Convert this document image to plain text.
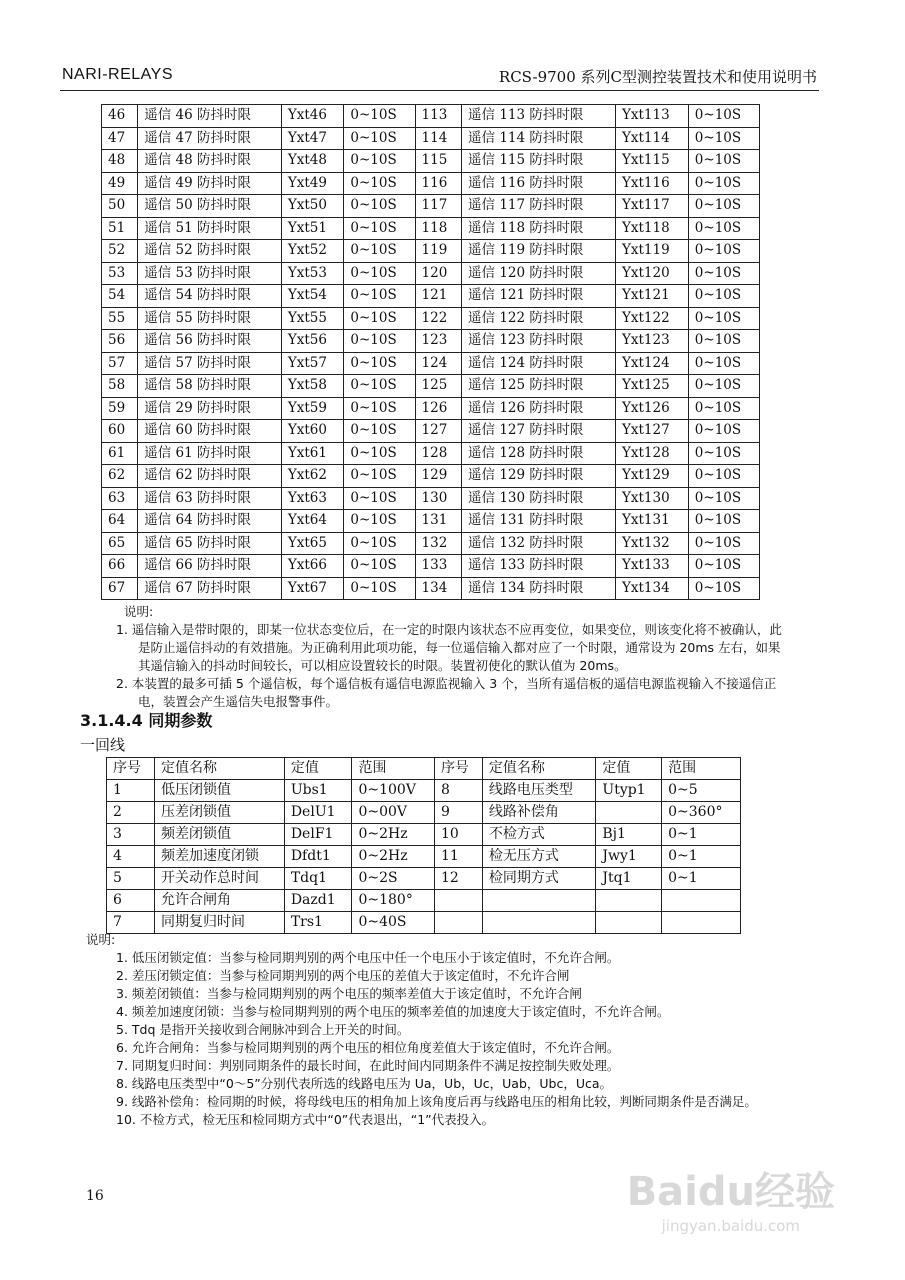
NARI-RELAYS	RCS-9700 系列C型测控装置技术和使用说明书
46	遥信 46 防抖时限	Yxt46	0~10S	113	遥信 113 防抖时限	Yxt113	0~10S
47	遥信 47 防抖时限	Yxt47	0~10S	114	遥信 114 防抖时限	Yxt114	0~10S
48	遥信 48 防抖时限	Yxt48	0~10S	115	遥信 115 防抖时限	Yxt115	0~10S
49	遥信 49 防抖时限	Yxt49	0~10S	116	遥信 116 防抖时限	Yxt116	0~10S
50	遥信 50 防抖时限	Yxt50	0~10S	117	遥信 117 防抖时限	Yxt117	0~10S
51	遥信 51 防抖时限	Yxt51	0~10S	118	遥信 118 防抖时限	Yxt118	0~10S
52	遥信 52 防抖时限	Yxt52	0~10S	119	遥信 119 防抖时限	Yxt119	0~10S
53	遥信 53 防抖时限	Yxt53	0~10S	120	遥信 120 防抖时限	Yxt120	0~10S
54	遥信 54 防抖时限	Yxt54	0~10S	121	遥信 121 防抖时限	Yxt121	0~10S
55	遥信 55 防抖时限	Yxt55	0~10S	122	遥信 122 防抖时限	Yxt122	0~10S
56	遥信 56 防抖时限	Yxt56	0~10S	123	遥信 123 防抖时限	Yxt123	0~10S
57	遥信 57 防抖时限	Yxt57	0~10S	124	遥信 124 防抖时限	Yxt124	0~10S
58	遥信 58 防抖时限	Yxt58	0~10S	125	遥信 125 防抖时限	Yxt125	0~10S
59	遥信 29 防抖时限	Yxt59	0~10S	126	遥信 126 防抖时限	Yxt126	0~10S
60	遥信 60 防抖时限	Yxt60	0~10S	127	遥信 127 防抖时限	Yxt127	0~10S
61	遥信 61 防抖时限	Yxt61	0~10S	128	遥信 128 防抖时限	Yxt128	0~10S
62	遥信 62 防抖时限	Yxt62	0~10S	129	遥信 129 防抖时限	Yxt129	0~10S
63	遥信 63 防抖时限	Yxt63	0~10S	130	遥信 130 防抖时限	Yxt130	0~10S
64	遥信 64 防抖时限	Yxt64	0~10S	131	遥信 131 防抖时限	Yxt131	0~10S
65	遥信 65 防抖时限	Yxt65	0~10S	132	遥信 132 防抖时限	Yxt132	0~10S
66	遥信 66 防抖时限	Yxt66	0~10S	133	遥信 133 防抖时限	Yxt133	0~10S
67	遥信 67 防抖时限	Yxt67	0~10S	134	遥信 134 防抖时限	Yxt134	0~10S
说明:
1. 遥信输入是带时限的，即某一位状态变位后，在一定的时限内该状态不应再变位，如果变位，则该变化将不被确认，此是防止遥信抖动的有效措施。为正确利用此项功能，每一位遥信输入都对应了一个时限，通常设为 20ms 左右，如果其遥信输入的抖动时间较长，可以相应设置较长的时限。装置初使化的默认值为 20ms。
2. 本装置的最多可插 5 个遥信板，每个遥信板有遥信电源监视输入 3 个，当所有遥信板的遥信电源监视输入不接遥信正电，装置会产生遥信失电报警事件。
3.1.4.4 同期参数
一回线
序号	定值名称	定值	范围	序号	定值名称	定值	范围
1	低压闭锁值	Ubs1	0~100V	8	线路电压类型	Utyp1	0~5
2	压差闭锁值	DelU1	0~00V	9	线路补偿角		0~360°
3	频差闭锁值	DelF1	0~2Hz	10	不检方式	Bj1	0~1
4	频差加速度闭锁	Dfdt1	0~2Hz	11	检无压方式	Jwy1	0~1
5	开关动作总时间	Tdq1	0~2S	12	检同期方式	Jtq1	0~1
6	允许合闸角	Dazd1	0~180°				
7	同期复归时间	Trs1	0~40S				
说明:
1. 低压闭锁定值：当参与检同期判别的两个电压中任一个电压小于该定值时，不允许合闸。
2. 差压闭锁定值：当参与检同期判别的两个电压的差值大于该定值时，不允许合闸
3. 频差闭锁值：当参与检同期判别的两个电压的频率差值大于该定值时，不允许合闸
4. 频差加速度闭锁：当参与检同期判别的两个电压的频率差值的加速度大于该定值时，不允许合闸。
5. Tdq 是指开关接收到合闸脉冲到合上开关的时间。
6. 允许合闸角：当参与检同期判别的两个电压的相位角度差值大于该定值时，不允许合闸。
7. 同期复归时间：判别同期条件的最长时间，在此时间内同期条件不满足按控制失败处理。
8. 线路电压类型中“0～5”分别代表所选的线路电压为 Ua，Ub，Uc，Uab，Ubc，Uca。
9. 线路补偿角：检同期的时候，将母线电压的相角加上该角度后再与线路电压的相角比较，判断同期条件是否满足。
10. 不检方式，检无压和检同期方式中“0”代表退出，“1”代表投入。
16	Baidu经验
jingyan.baidu.com
